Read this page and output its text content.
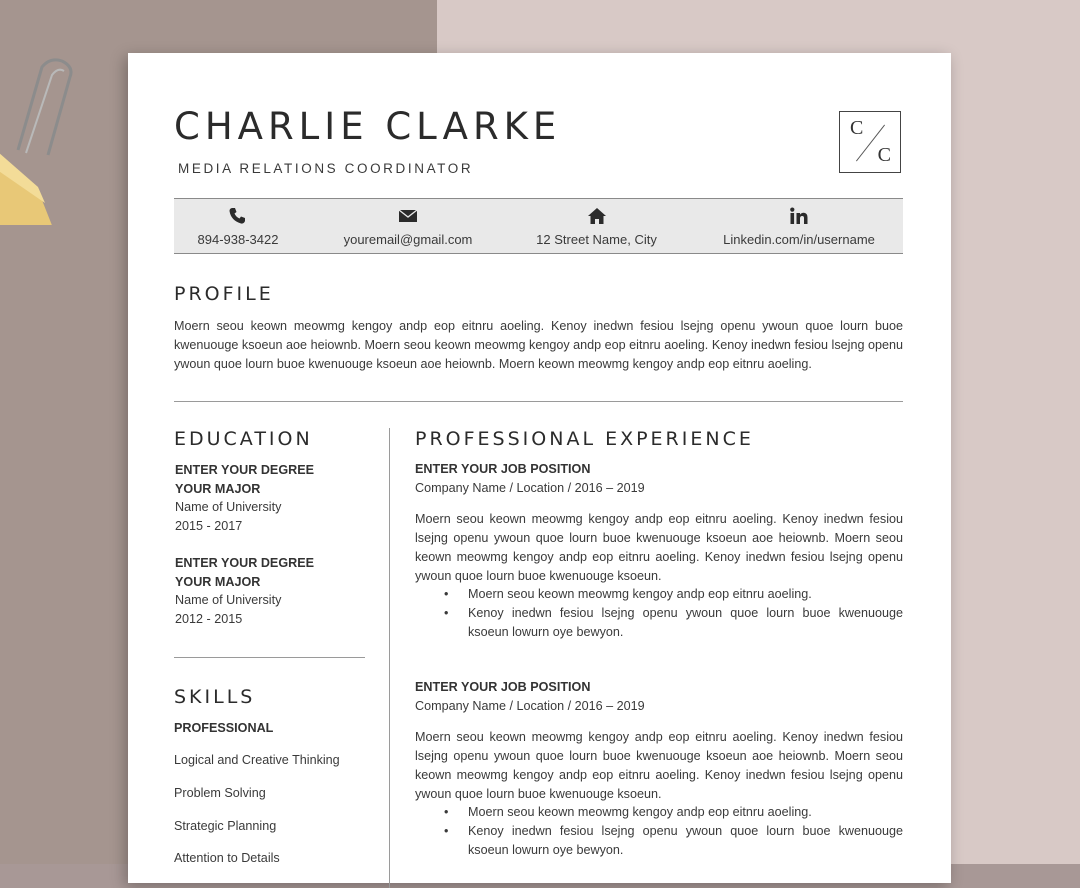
CHARLIE CLARKE
MEDIA RELATIONS COORDINATOR
C
C
894-938-3422	youremail@gmail.com	12 Street Name, City	Linkedin.com/in/username
PROFILE
Moern seou keown meowmg kengoy andp eop eitnru aoeling. Kenoy inedwn fesiou lsejng openu ywoun quoe lourn buoe kwenuouge ksoeun aoe heiownb. Moern seou keown meowmg kengoy andp eop eitnru aoeling. Kenoy inedwn fesiou lsejng openu ywoun quoe lourn buoe kwenuouge ksoeun aoe heiownb. Moern keown meowmg kengoy andp eop eitnru aoeling.
EDUCATION
ENTER YOUR DEGREE
YOUR MAJOR
Name of University
2015 - 2017
ENTER YOUR DEGREE
YOUR MAJOR
Name of University
2012 - 2015
SKILLS
PROFESSIONAL
Logical and Creative Thinking
Problem Solving
Strategic Planning
Attention to Details
PROFESSIONAL EXPERIENCE
ENTER YOUR JOB POSITION
Company Name / Location / 2016 – 2019
Moern seou keown meowmg kengoy andp eop eitnru aoeling. Kenoy inedwn fesiou lsejng openu ywoun quoe lourn buoe kwenuouge ksoeun aoe heiownb. Moern seou keown meowmg kengoy andp eop eitnru aoeling. Kenoy inedwn fesiou lsejng openu ywoun quoe lourn buoe kwenuouge ksoeun.
• Moern seou keown meowmg kengoy andp eop eitnru aoeling.
• Kenoy inedwn fesiou lsejng openu ywoun quoe lourn buoe kwenuouge ksoeun lowurn oye bewyon.
ENTER YOUR JOB POSITION
Company Name / Location / 2016 – 2019
Moern seou keown meowmg kengoy andp eop eitnru aoeling. Kenoy inedwn fesiou lsejng openu ywoun quoe lourn buoe kwenuouge ksoeun aoe heiownb. Moern seou keown meowmg kengoy andp eop eitnru aoeling. Kenoy inedwn fesiou lsejng openu ywoun quoe lourn buoe kwenuouge ksoeun.
• Moern seou keown meowmg kengoy andp eop eitnru aoeling.
• Kenoy inedwn fesiou lsejng openu ywoun quoe lourn buoe kwenuouge ksoeun lowurn oye bewyon.
